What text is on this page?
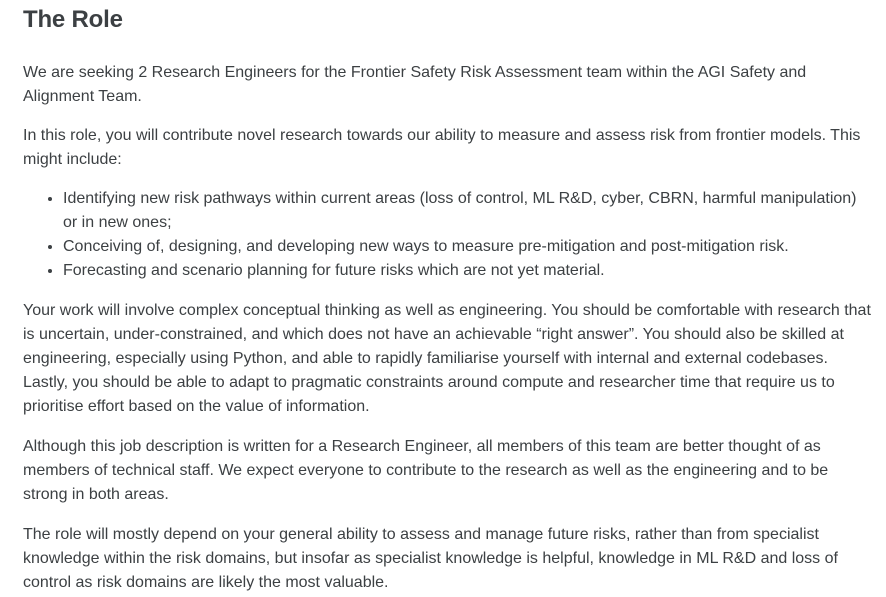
The Role

We are seeking 2 Research Engineers for the Frontier Safety Risk Assessment team within the AGI Safety and Alignment Team.

In this role, you will contribute novel research towards our ability to measure and assess risk from frontier models. This might include:

• Identifying new risk pathways within current areas (loss of control, ML R&D, cyber, CBRN, harmful manipulation) or in new ones;
• Conceiving of, designing, and developing new ways to measure pre-mitigation and post-mitigation risk.
• Forecasting and scenario planning for future risks which are not yet material.

Your work will involve complex conceptual thinking as well as engineering. You should be comfortable with research that is uncertain, under-constrained, and which does not have an achievable “right answer”. You should also be skilled at engineering, especially using Python, and able to rapidly familiarise yourself with internal and external codebases. Lastly, you should be able to adapt to pragmatic constraints around compute and researcher time that require us to prioritise effort based on the value of information.

Although this job description is written for a Research Engineer, all members of this team are better thought of as members of technical staff. We expect everyone to contribute to the research as well as the engineering and to be strong in both areas.

The role will mostly depend on your general ability to assess and manage future risks, rather than from specialist knowledge within the risk domains, but insofar as specialist knowledge is helpful, knowledge in ML R&D and loss of control as risk domains are likely the most valuable.
